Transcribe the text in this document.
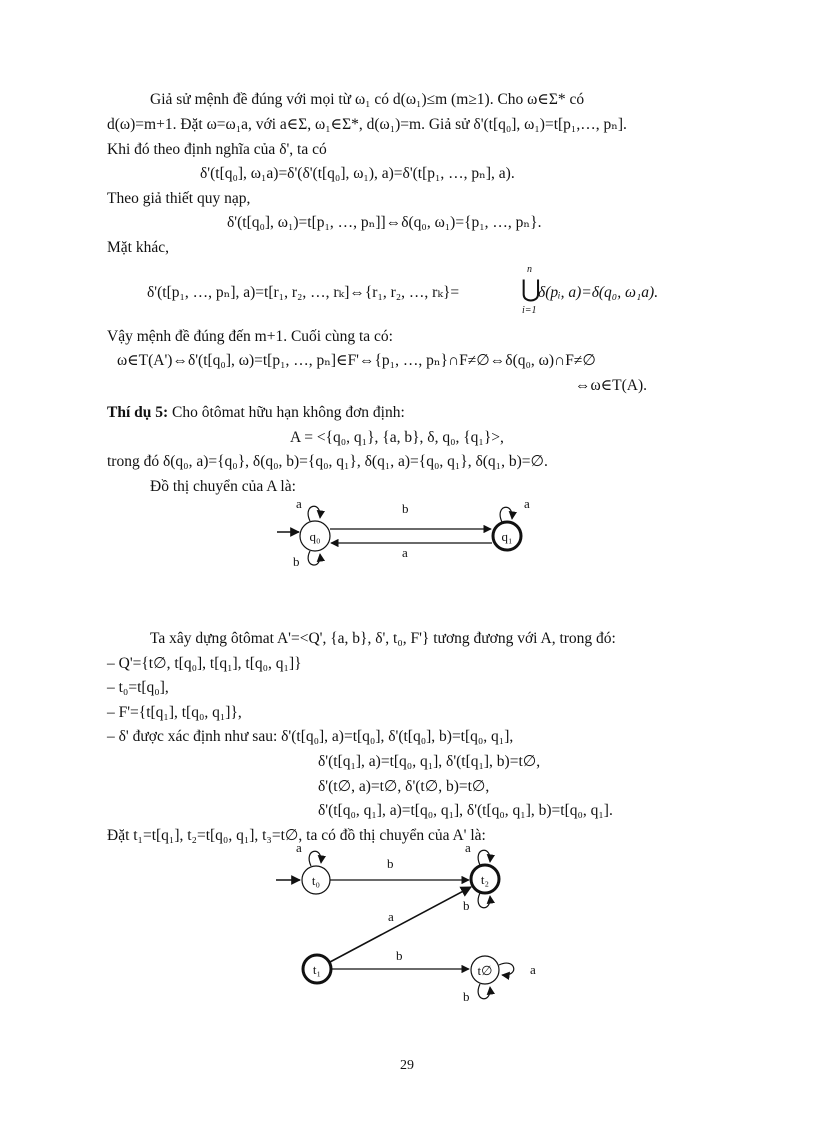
Giả sử mệnh đề đúng với mọi từ ω₁ có d(ω₁)≤m (m≥1). Cho ω∈Σ* có
d(ω)=m+1. Đặt ω=ω₁a, với a∈Σ, ω₁∈Σ*, d(ω₁)=m. Giả sử δ'(t[q₀], ω₁)=t[p₁,…, pₙ].
Khi đó theo định nghĩa của δ', ta có
δ'(t[q₀], ω₁a)=δ'(δ'(t[q₀], ω₁), a)=δ'(t[p₁, …, pₙ], a).
Theo giả thiết quy nạp,
δ'(t[q₀], ω₁)=t[p₁, …, pₙ]]⇔δ(q₀, ω₁)={p₁, …, pₙ}.
Mặt khác,
δ'(t[p₁, …, pₙ], a)=t[r₁, r₂, …, rₖ]⇔{r₁, r₂, …, rₖ}=	⋃
δ(pᵢ, a)=δ(q₀, ω₁a).
n
i=1
Vậy mệnh đề đúng đến m+1. Cuối cùng ta có:
ω∈T(A')⇔δ'(t[q₀], ω)=t[p₁, …, pₙ]∈F'⇔{p₁, …, pₙ}∩F≠∅⇔δ(q₀, ω)∩F≠∅
⇔ω∈T(A).
Thí dụ 5: Cho ôtômat hữu hạn không đơn định:
A = <{q₀, q₁}, {a, b}, δ, q₀, {q₁}>,
trong đó δ(q₀, a)={q₀}, δ(q₀, b)={q₀, q₁}, δ(q₁, a)={q₀, q₁}, δ(q₁, b)=∅.
Đồ thị chuyển của A là:
q₀	q₁
a	b
a
a
b
Ta xây dựng ôtômat A'=<Q', {a, b}, δ', t₀, F'} tương đương với A, trong đó:
– Q'={t∅, t[q₀], t[q₁], t[q₀, q₁]}
– t₀=t[q₀],
– F'={t[q₁], t[q₀, q₁]},
– δ' được xác định như sau: δ'(t[q₀], a)=t[q₀], δ'(t[q₀], b)=t[q₀, q₁],
δ'(t[q₁], a)=t[q₀, q₁], δ'(t[q₁], b)=t∅,
δ'(t∅, a)=t∅, δ'(t∅, b)=t∅,
δ'(t[q₀, q₁], a)=t[q₀, q₁], δ'(t[q₀, q₁], b)=t[q₀, q₁].
Đặt t₁=t[q₁], t₂=t[q₀, q₁], t₃=t∅, ta có đồ thị chuyển của A' là:
t₀	t₂
t₁	t∅
a
b
a
b
a
b
b
a
29
